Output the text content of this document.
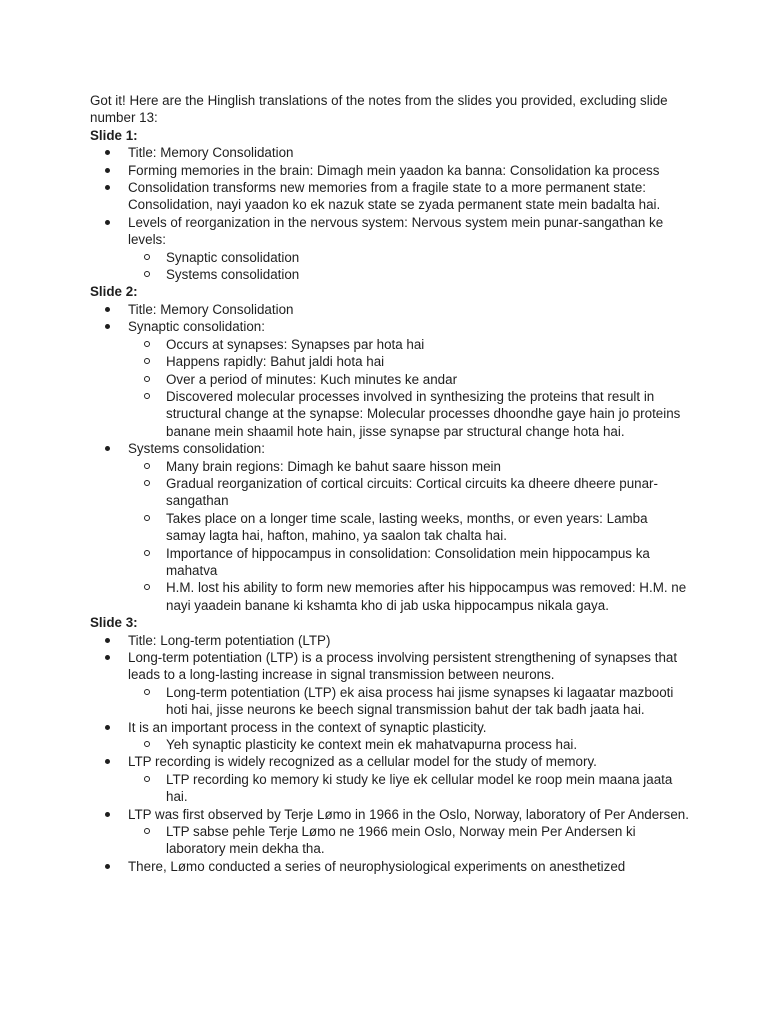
Got it! Here are the Hinglish translations of the notes from the slides you provided, excluding slide number 13:
Slide 1:
Title: Memory Consolidation
Forming memories in the brain: Dimagh mein yaadon ka banna: Consolidation ka process
Consolidation transforms new memories from a fragile state to a more permanent state: Consolidation, nayi yaadon ko ek nazuk state se zyada permanent state mein badalta hai.
Levels of reorganization in the nervous system: Nervous system mein punar-sangathan ke levels:
Synaptic consolidation
Systems consolidation
Slide 2:
Title: Memory Consolidation
Synaptic consolidation:
Occurs at synapses: Synapses par hota hai
Happens rapidly: Bahut jaldi hota hai
Over a period of minutes: Kuch minutes ke andar
Discovered molecular processes involved in synthesizing the proteins that result in structural change at the synapse: Molecular processes dhoondhe gaye hain jo proteins banane mein shaamil hote hain, jisse synapse par structural change hota hai.
Systems consolidation:
Many brain regions: Dimagh ke bahut saare hisson mein
Gradual reorganization of cortical circuits: Cortical circuits ka dheere dheere punar-sangathan
Takes place on a longer time scale, lasting weeks, months, or even years: Lamba samay lagta hai, hafton, mahino, ya saalon tak chalta hai.
Importance of hippocampus in consolidation: Consolidation mein hippocampus ka mahatva
H.M. lost his ability to form new memories after his hippocampus was removed: H.M. ne nayi yaadein banane ki kshamta kho di jab uska hippocampus nikala gaya.
Slide 3:
Title: Long-term potentiation (LTP)
Long-term potentiation (LTP) is a process involving persistent strengthening of synapses that leads to a long-lasting increase in signal transmission between neurons.
Long-term potentiation (LTP) ek aisa process hai jisme synapses ki lagaatar mazbooti hoti hai, jisse neurons ke beech signal transmission bahut der tak badh jaata hai.
It is an important process in the context of synaptic plasticity.
Yeh synaptic plasticity ke context mein ek mahatvapurna process hai.
LTP recording is widely recognized as a cellular model for the study of memory.
LTP recording ko memory ki study ke liye ek cellular model ke roop mein maana jaata hai.
LTP was first observed by Terje Lømo in 1966 in the Oslo, Norway, laboratory of Per Andersen.
LTP sabse pehle Terje Lømo ne 1966 mein Oslo, Norway mein Per Andersen ki laboratory mein dekha tha.
There, Lømo conducted a series of neurophysiological experiments on anesthetized
